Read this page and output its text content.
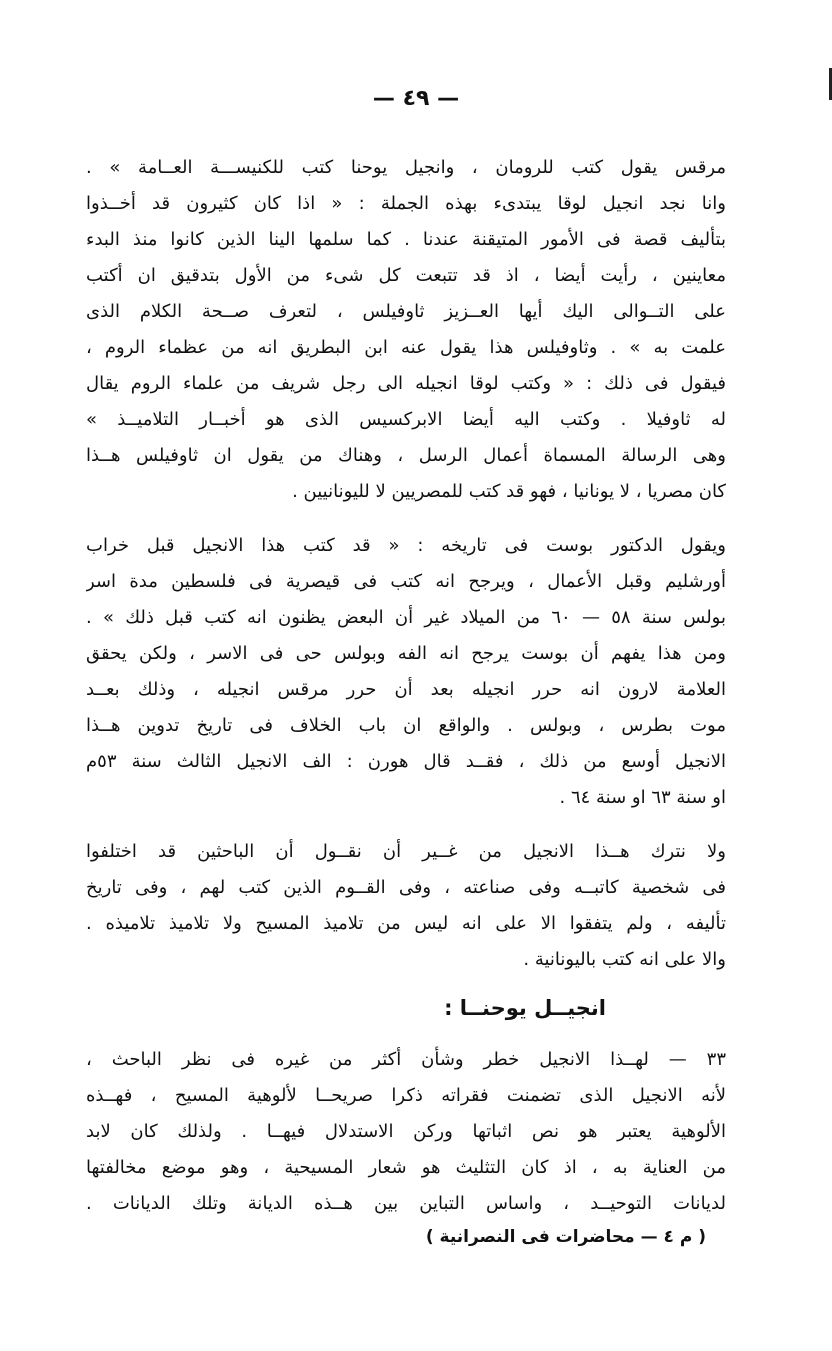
— ٤٩ —
مرقس يقول كتب للرومان ، وانجيل يوحنا كتب للكنيســـة العــامة » .
وانا نجد انجيل لوقا يبتدىء بهذه الجملة : « اذا كان كثيرون قد أخــذوا
بتأليف قصة فى الأمور المتيقنة عندنا . كما سلمها الينا الذين كانوا منذ البدء
معاينين ، رأيت أيضا ، اذ قد تتبعت كل شىء من الأول بتدقيق ان أكتب
على التــوالى اليك أيها العــزيز ثاوفيلس ، لتعرف صــحة الكلام الذى
علمت به » . وثاوفيلس هذا يقول عنه ابن البطريق انه من عظماء الروم ،
فيقول فى ذلك : « وكتب لوقا انجيله الى رجل شريف من علماء الروم يقال
له ثاوفيلا . وكتب اليه أيضا الابركسيس الذى هو أخبــار التلاميــذ »
وهى الرسالة المسماة أعمال الرسل ، وهناك من يقول ان ثاوفيلس هــذا
كان مصريا ، لا يونانيا ، فهو قد كتب للمصريين لا لليونانيين .
ويقول الدكتور بوست فى تاريخه : « قد كتب هذا الانجيل قبل خراب
أورشليم وقبل الأعمال ، ويرجح انه كتب فى قيصرية فى فلسطين مدة اسر
بولس سنة ٥٨ — ٦٠ من الميلاد غير أن البعض يظنون انه كتب قبل ذلك » .
ومن هذا يفهم أن بوست يرجح انه الفه وبولس حى فى الاسر ، ولكن يحقق
العلامة لارون انه حرر انجيله بعد أن حرر مرقس انجيله ، وذلك بعــد
موت بطرس ، وبولس . والواقع ان باب الخلاف فى تاريخ تدوين هــذا
الانجيل أوسع من ذلك ، فقــد قال هورن : الف الانجيل الثالث سنة ٥٣م
او سنة ٦٣ او سنة ٦٤ .
ولا نترك هــذا الانجيل من غــير أن نقــول أن الباحثين قد اختلفوا
فى شخصية كاتبــه وفى صناعته ، وفى القــوم الذين كتب لهم ، وفى تاريخ
تأليفه ، ولم يتفقوا الا على انه ليس من تلاميذ المسيح ولا تلاميذ تلاميذه .
والا على انه كتب باليونانية .
انجيــل يوحنــا :
٣٣ — لهــذا الانجيل خطر وشأن أكثر من غيره فى نظر الباحث ،
لأنه الانجيل الذى تضمنت فقراته ذكرا صريحــا لألوهية المسيح ، فهــذه
الألوهية يعتبر هو نص اثباتها وركن الاستدلال فيهــا . ولذلك كان لابد
من العناية به ، اذ كان التثليث هو شعار المسيحية ، وهو موضع مخالفتها
لديانات التوحيــد ، واساس التباين بين هــذه الديانة وتلك الديانات .
( م ٤ — محاضرات فى النصرانية )
